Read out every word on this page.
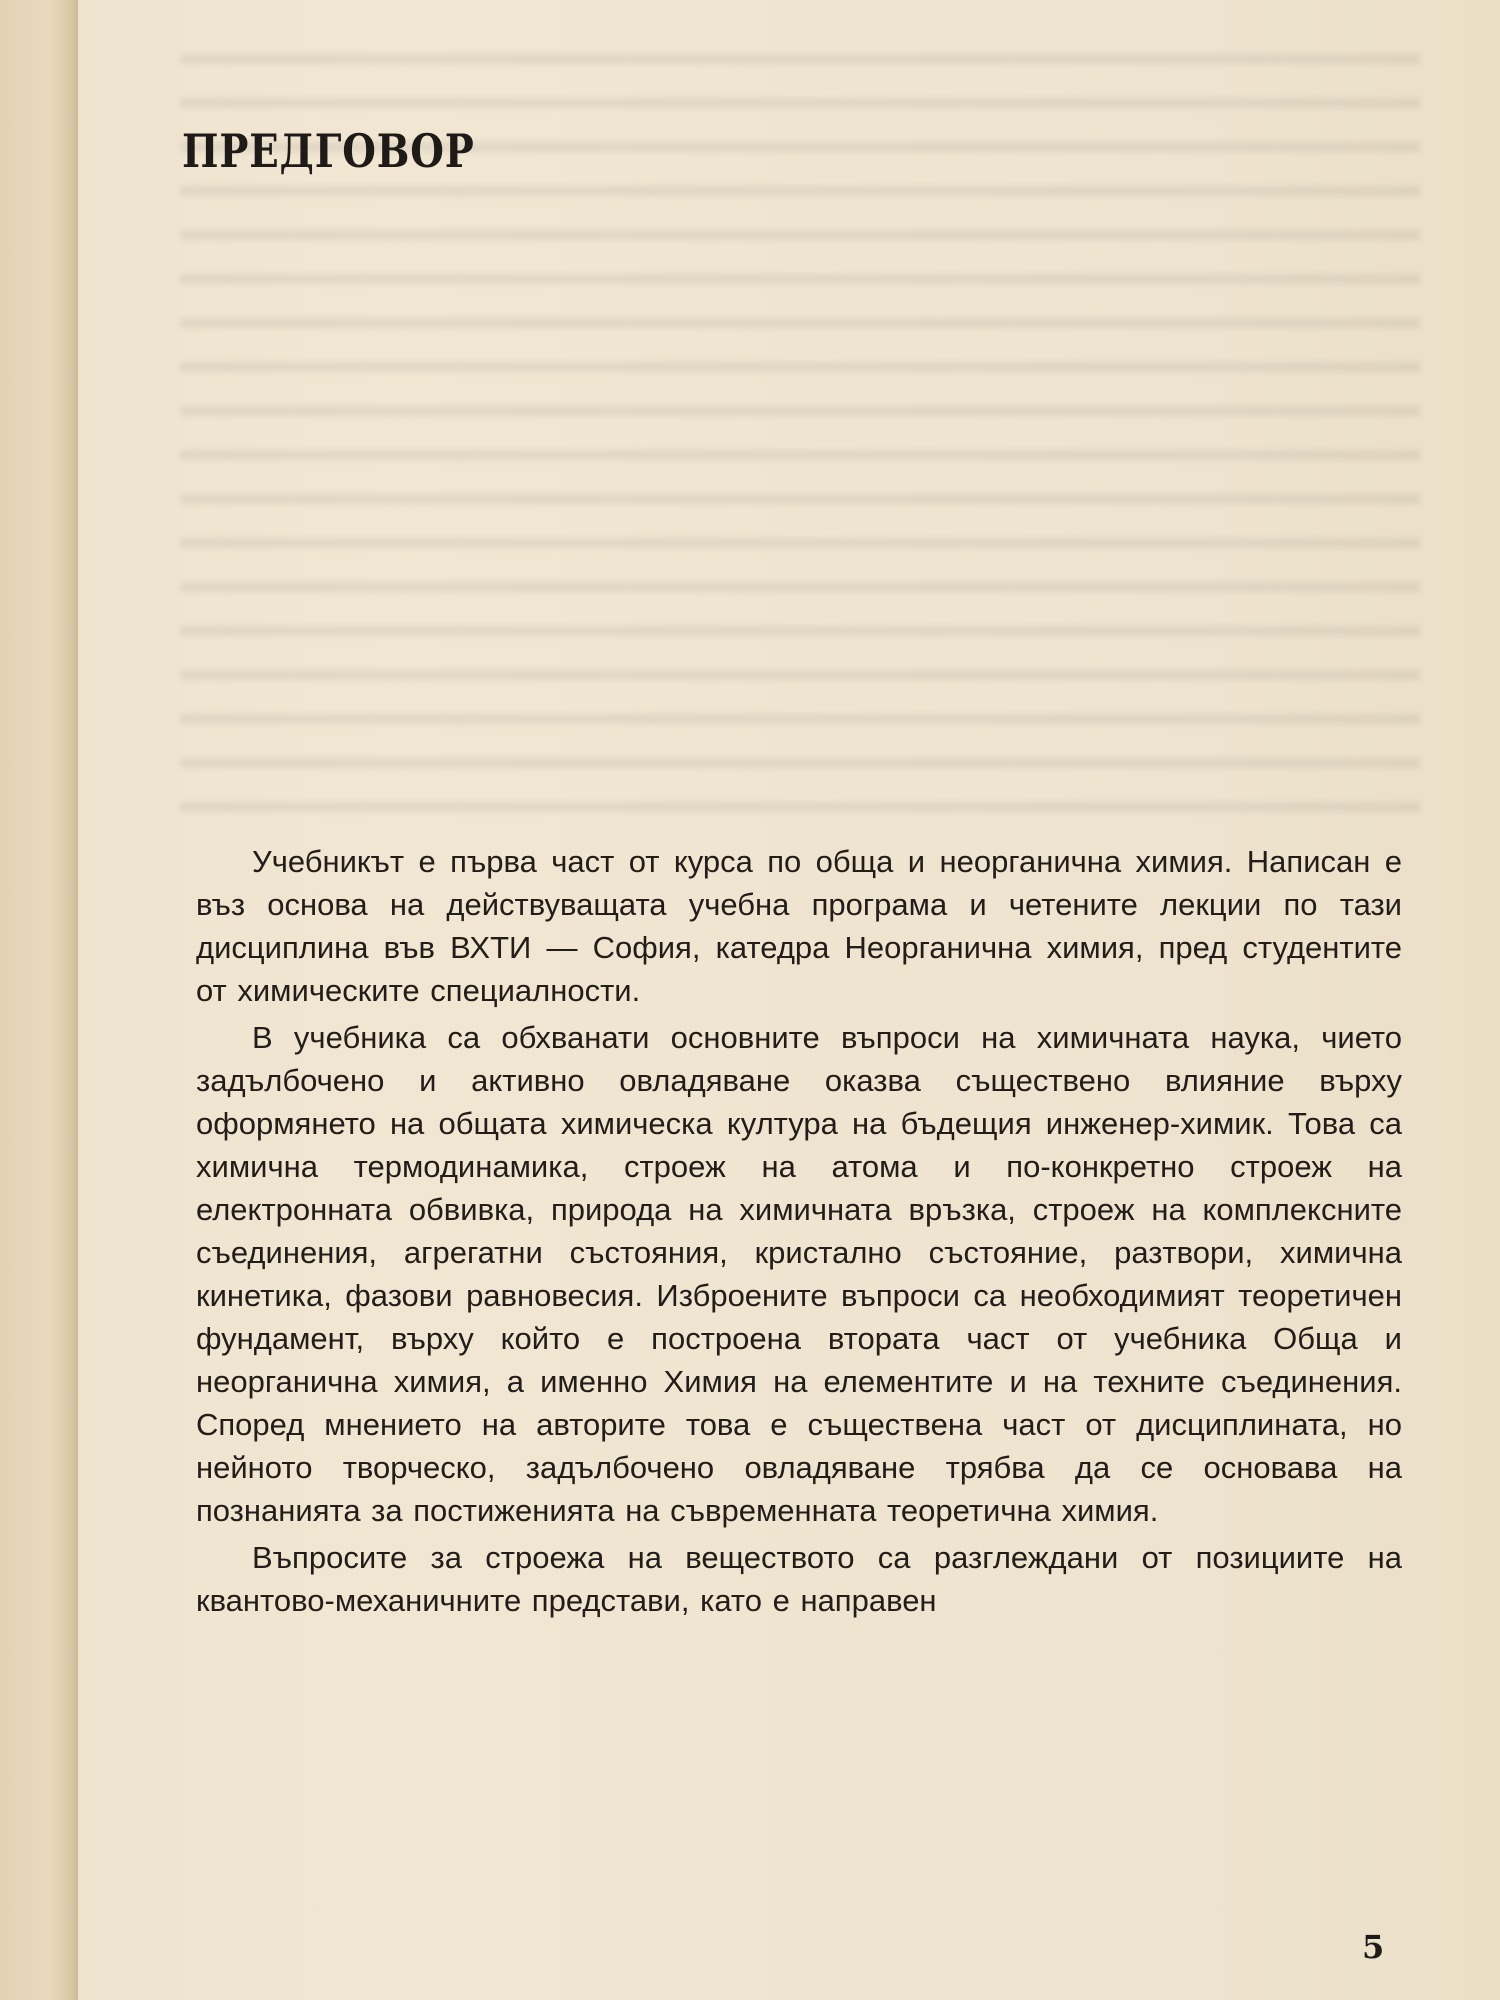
ПРЕДГОВОР

Учебникът е първа част от курса по обща и неорганична химия. Написан е въз основа на действуващата учебна програма и четените лекции по тази дисциплина във ВХТИ — София, катедра Неорганична химия, пред студентите от химическите специалности.

В учебника са обхванати основните въпроси на химичната наука, чието задълбочено и активно овладяване оказва съществено влияние върху оформянето на общата химическа култура на бъдещия инженер-химик. Това са химична термодинамика, строеж на атома и по-конкретно строеж на електронната обвивка, природа на химичната връзка, строеж на комплексните съединения, агрегатни състояния, кристално състояние, разтвори, химична кинетика, фазови равновесия. Изброените въпроси са необходимият теоретичен фундамент, върху който е построена втората част от учебника Обща и неорганична химия, а именно Химия на елементите и на техните съединения. Според мнението на авторите това е съществена част от дисциплината, но нейното творческо, задълбочено овладяване трябва да се основава на познанията за постиженията на съвременната теоретична химия.

Въпросите за строежа на веществото са разглеждани от позициите на квантово-механичните представи, като е направен

5
